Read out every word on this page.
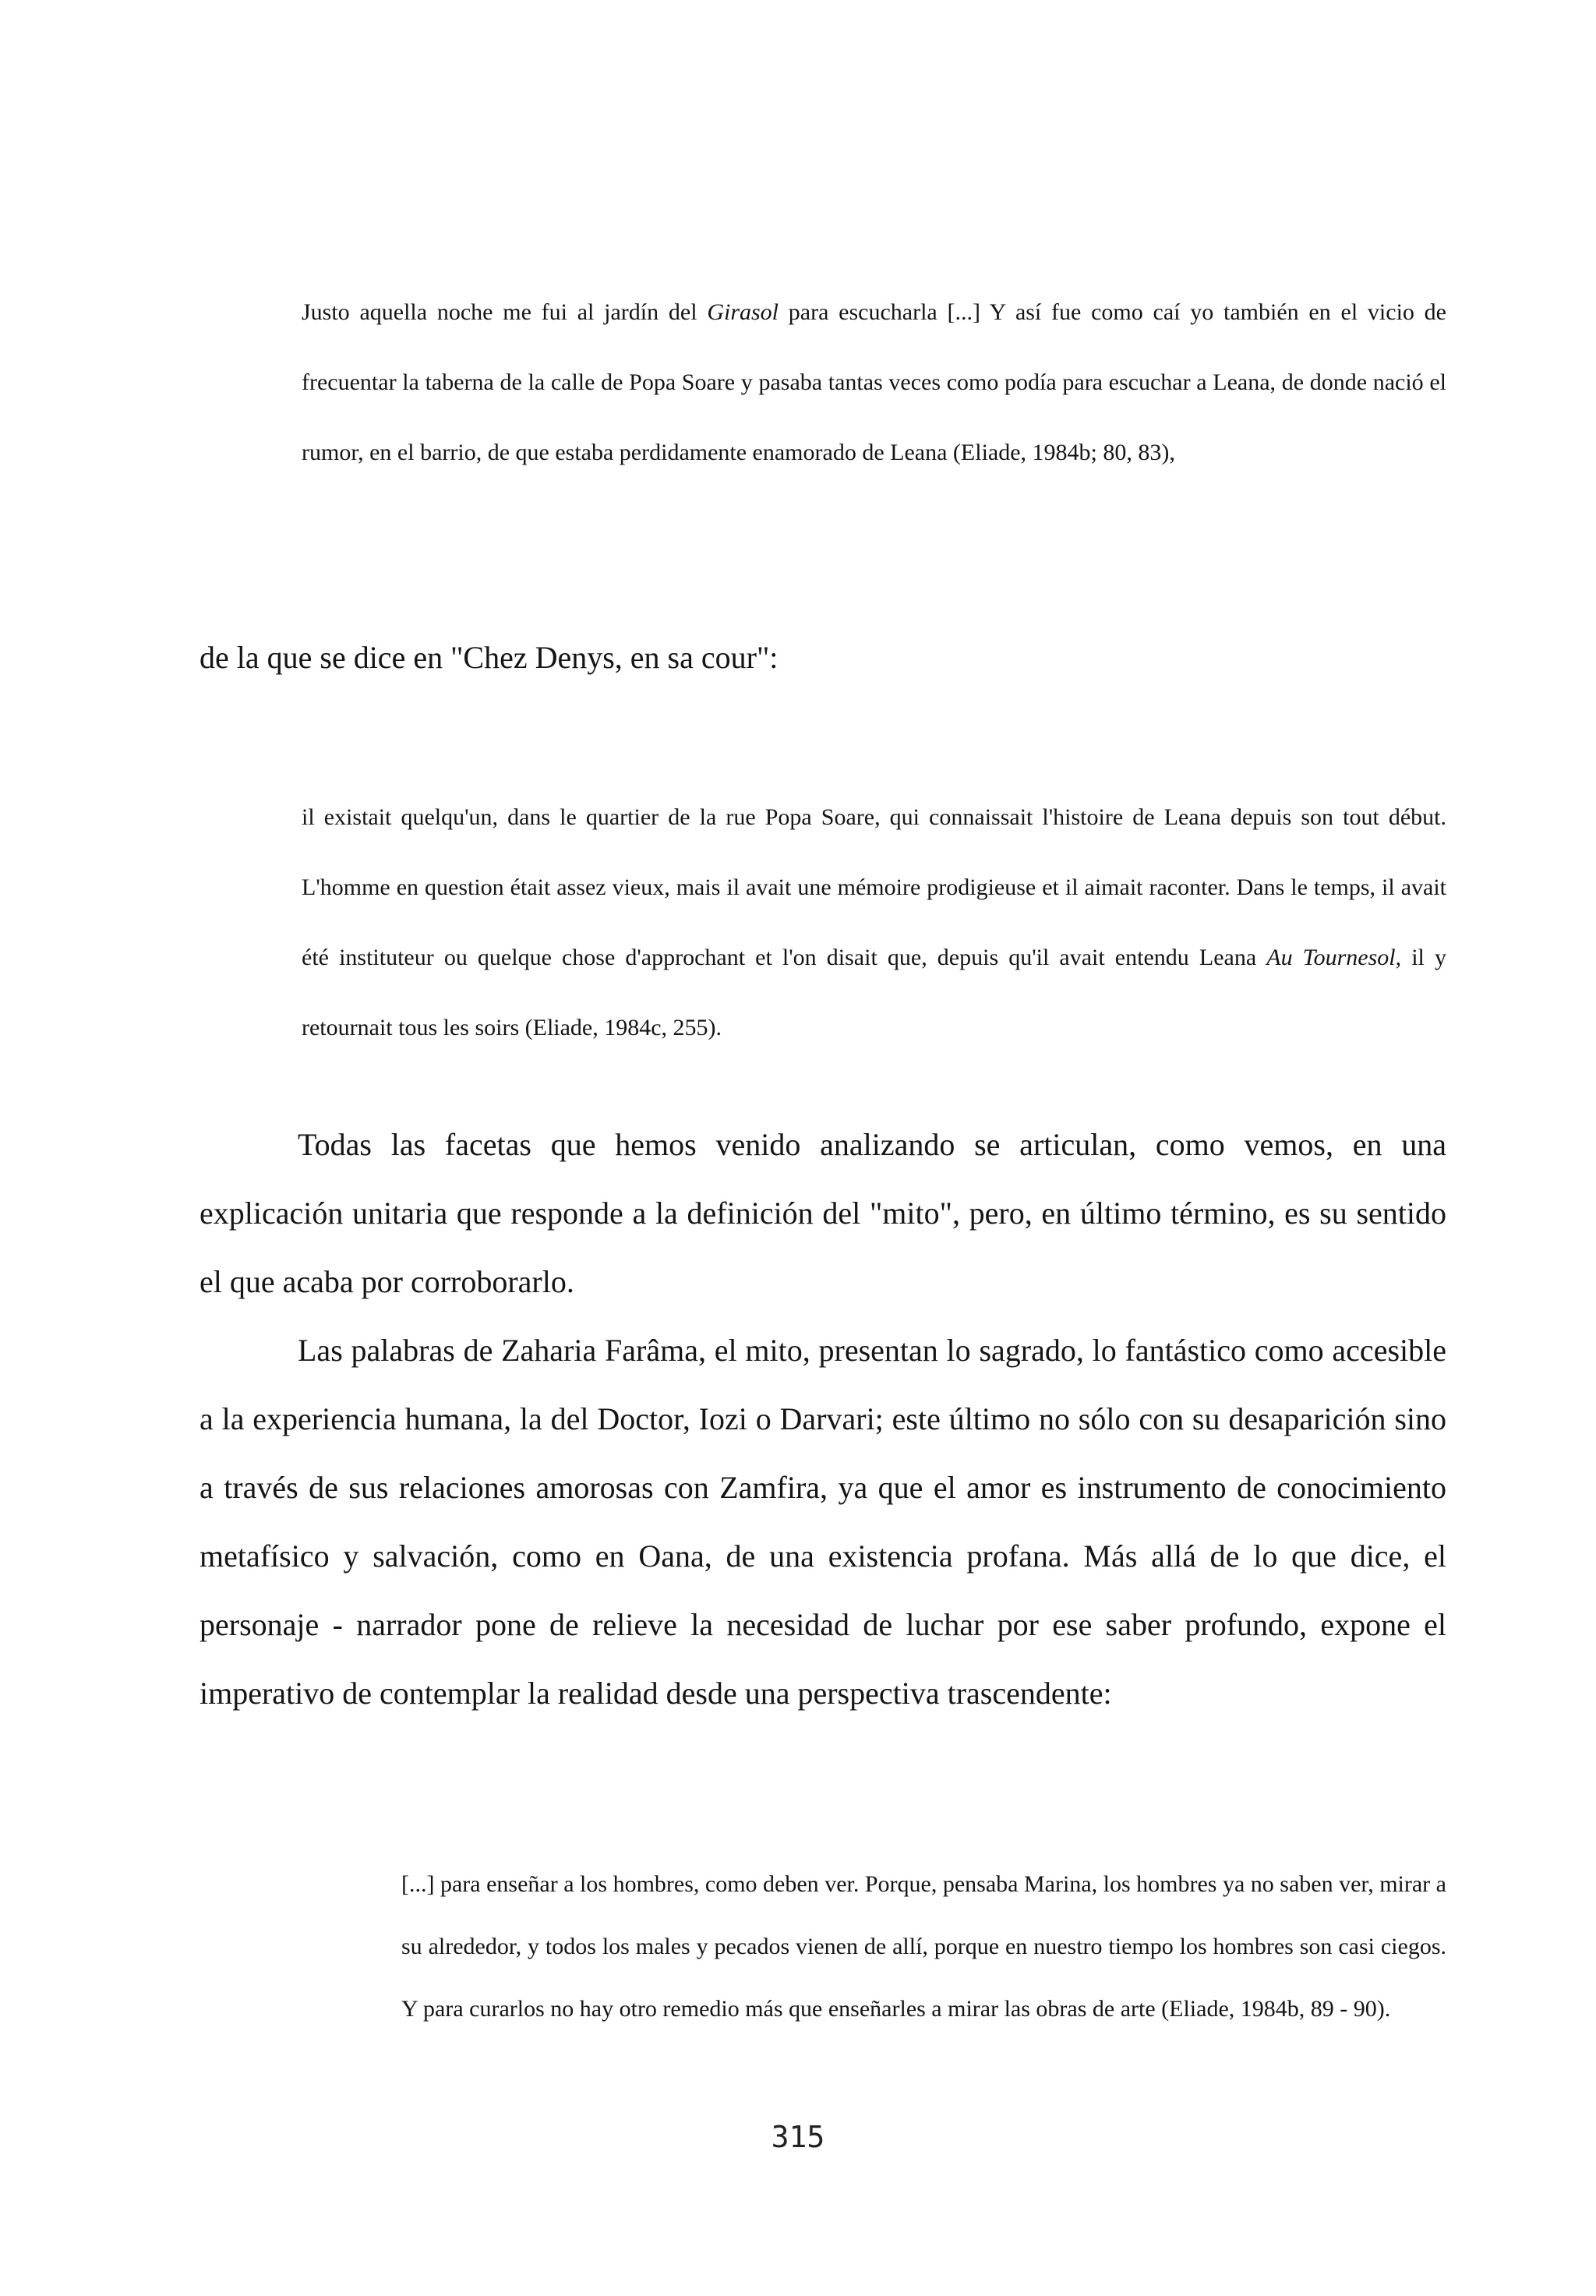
Justo aquella noche me fui al jardín del Girasol para escucharla [...] Y así fue como caí yo también en el vicio de frecuentar la taberna de la calle de Popa Soare y pasaba tantas veces como podía para escuchar a Leana, de donde nació el rumor, en el barrio, de que estaba perdidamente enamorado de Leana (Eliade, 1984b; 80, 83),

de la que se dice en "Chez Denys, en sa cour":

il existait quelqu'un, dans le quartier de la rue Popa Soare, qui connaissait l'histoire de Leana depuis son tout début. L'homme en question était assez vieux, mais il avait une mémoire prodigieuse et il aimait raconter. Dans le temps, il avait été instituteur ou quelque chose d'approchant et l'on disait que, depuis qu'il avait entendu Leana Au Tournesol, il y retournait tous les soirs (Eliade, 1984c, 255).

Todas las facetas que hemos venido analizando se articulan, como vemos, en una explicación unitaria que responde a la definición del "mito", pero, en último término, es su sentido el que acaba por corroborarlo.

Las palabras de Zaharia Farâma, el mito, presentan lo sagrado, lo fantástico como accesible a la experiencia humana, la del Doctor, Iozi o Darvari; este último no sólo con su desaparición sino a través de sus relaciones amorosas con Zamfira, ya que el amor es instrumento de conocimiento metafísico y salvación, como en Oana, de una existencia profana. Más allá de lo que dice, el personaje - narrador pone de relieve la necesidad de luchar por ese saber profundo, expone el imperativo de contemplar la realidad desde una perspectiva trascendente:

[...] para enseñar a los hombres, como deben ver. Porque, pensaba Marina, los hombres ya no saben ver, mirar a su alrededor, y todos los males y pecados vienen de allí, porque en nuestro tiempo los hombres son casi ciegos. Y para curarlos no hay otro remedio más que enseñarles a mirar las obras de arte (Eliade, 1984b, 89 - 90).

315
